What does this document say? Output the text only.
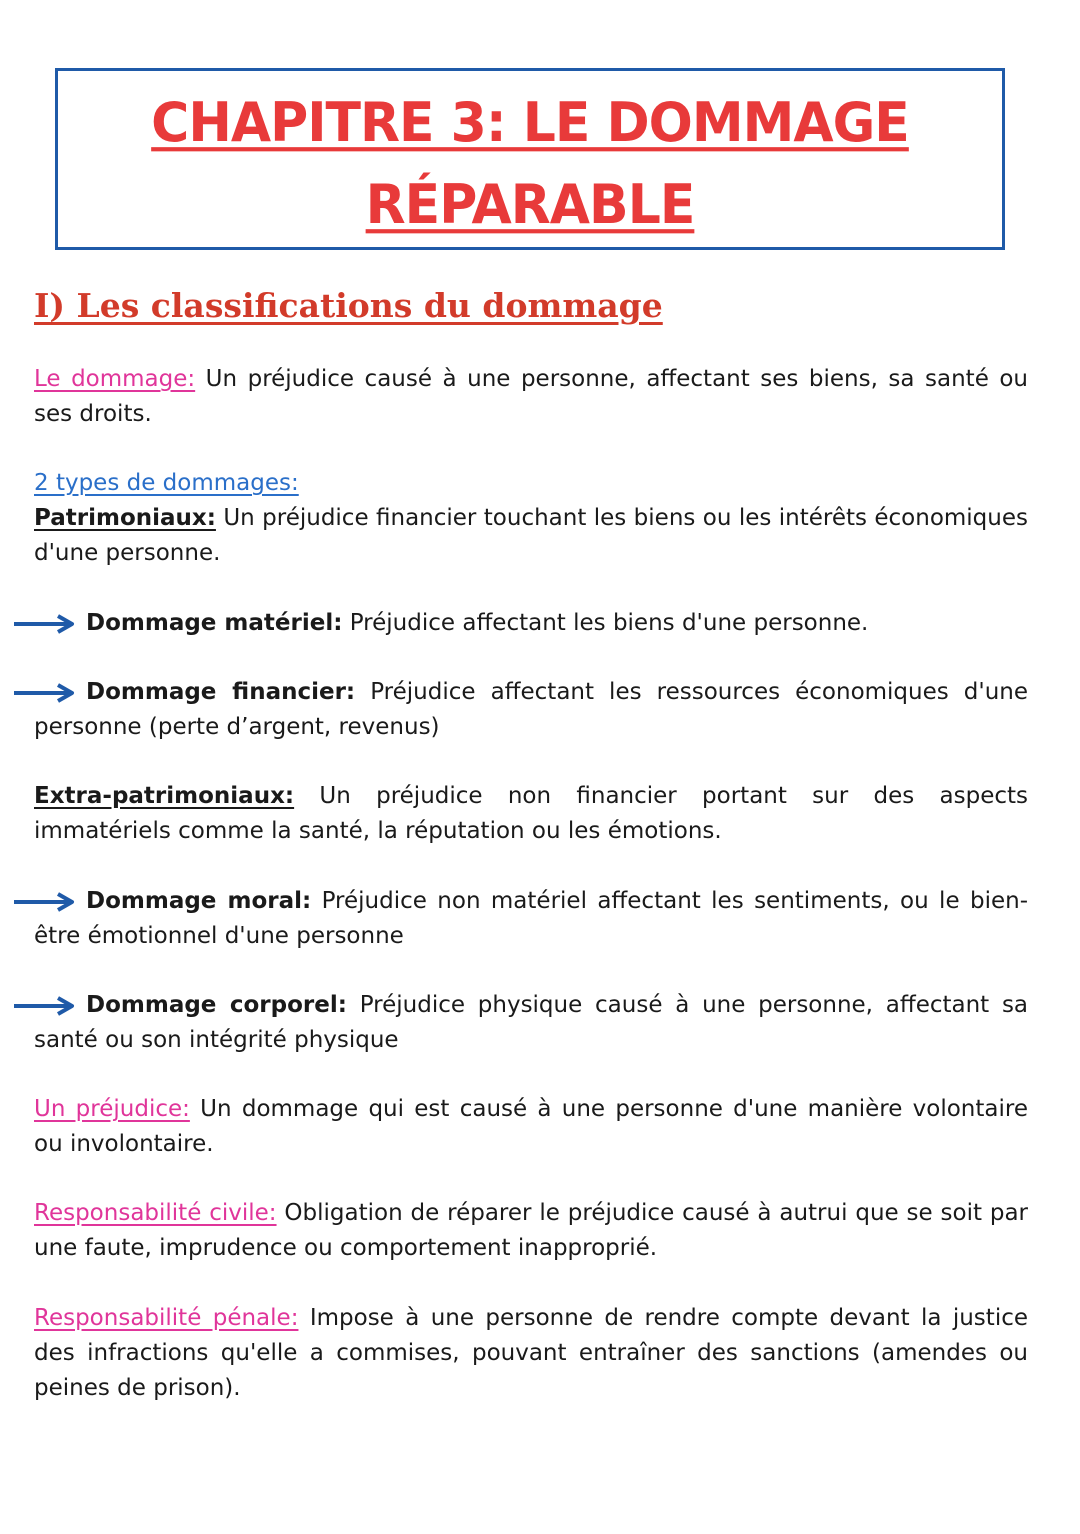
CHAPITRE 3: LE DOMMAGE
RÉPARABLE
I) Les classifications du dommage
Le dommage: Un préjudice causé à une personne, affectant ses biens, sa santé ou ses droits.
2 types de dommages:
Patrimoniaux: Un préjudice financier touchant les biens ou les intérêts économiques d'une personne.
Dommage matériel: Préjudice affectant les biens d'une personne.
Dommage financier: Préjudice affectant les ressources économiques d'une personne (perte d’argent, revenus)
Extra-patrimoniaux: Un préjudice non financier portant sur des aspects immatériels comme la santé, la réputation ou les émotions.
Dommage moral: Préjudice non matériel affectant les sentiments, ou le bien-être émotionnel d'une personne
Dommage corporel: Préjudice physique causé à une personne, affectant sa santé ou son intégrité physique
Un préjudice: Un dommage qui est causé à une personne d'une manière volontaire ou involontaire.
Responsabilité civile: Obligation de réparer le préjudice causé à autrui que se soit par une faute, imprudence ou comportement inapproprié.
Responsabilité pénale: Impose à une personne de rendre compte devant la justice des infractions qu'elle a commises, pouvant entraîner des sanctions (amendes ou peines de prison).
